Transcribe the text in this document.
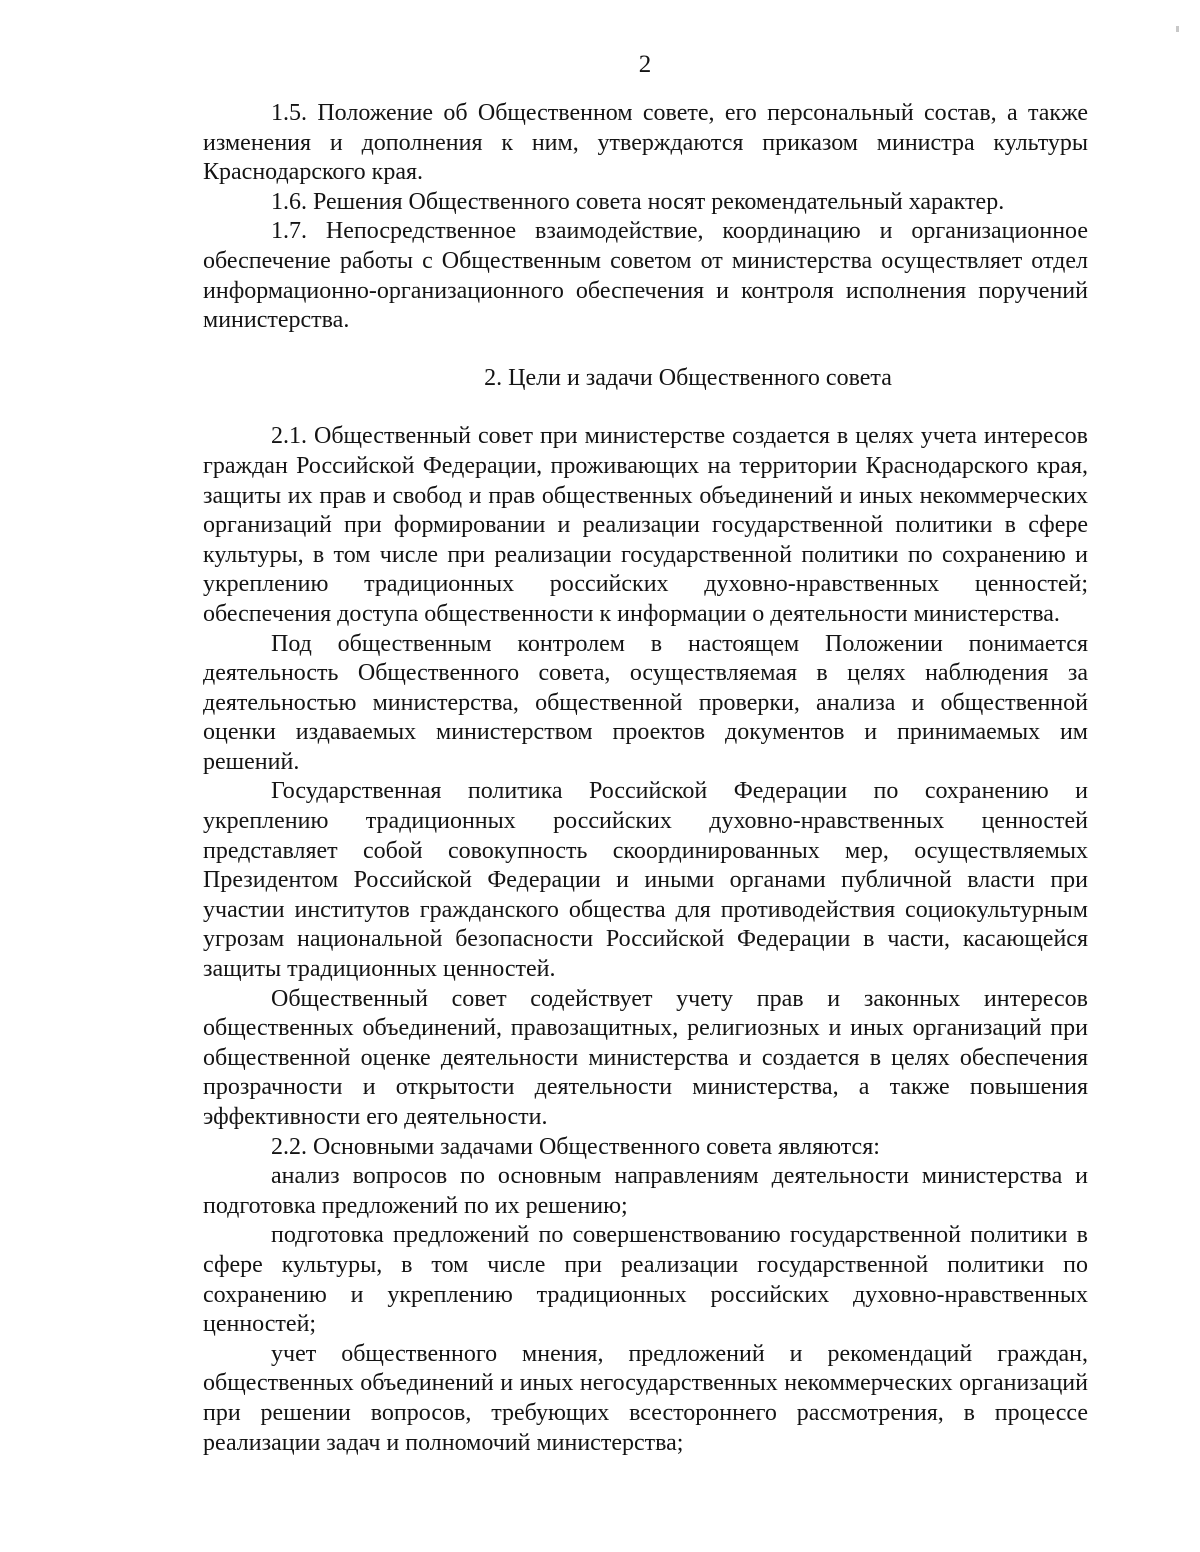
2

1.5. Положение об Общественном совете, его персональный состав, а также изменения и дополнения к ним, утверждаются приказом министра культуры Краснодарского края.

1.6. Решения Общественного совета носят рекомендательный характер.

1.7. Непосредственное взаимодействие, координацию и организационное обеспечение работы с Общественным советом от министерства осуществляет отдел информационно-организационного обеспечения и контроля исполнения поручений министерства.

2. Цели и задачи Общественного совета

2.1. Общественный совет при министерстве создается в целях учета интересов граждан Российской Федерации, проживающих на территории Краснодарского края, защиты их прав и свобод и прав общественных объединений и иных некоммерческих организаций при формировании и реализации государственной политики в сфере культуры, в том числе при реализации государственной политики по сохранению и укреплению традиционных российских духовно-нравственных ценностей; обеспечения доступа общественности к информации о деятельности министерства.

Под общественным контролем в настоящем Положении понимается деятельность Общественного совета, осуществляемая в целях наблюдения за деятельностью министерства, общественной проверки, анализа и общественной оценки издаваемых министерством проектов документов и принимаемых им решений.

Государственная политика Российской Федерации по сохранению и укреплению традиционных российских духовно-нравственных ценностей представляет собой совокупность скоординированных мер, осуществляемых Президентом Российской Федерации и иными органами публичной власти при участии институтов гражданского общества для противодействия социокультурным угрозам национальной безопасности Российской Федерации в части, касающейся защиты традиционных ценностей.

Общественный совет содействует учету прав и законных интересов общественных объединений, правозащитных, религиозных и иных организаций при общественной оценке деятельности министерства и создается в целях обеспечения прозрачности и открытости деятельности министерства, а также повышения эффективности его деятельности.

2.2. Основными задачами Общественного совета являются:

анализ вопросов по основным направлениям деятельности министерства и подготовка предложений по их решению;

подготовка предложений по совершенствованию государственной политики в сфере культуры, в том числе при реализации государственной политики по сохранению и укреплению традиционных российских духовно-нравственных ценностей;

учет общественного мнения, предложений и рекомендаций граждан, общественных объединений и иных негосударственных некоммерческих организаций при решении вопросов, требующих всестороннего рассмотрения, в процессе реализации задач и полномочий министерства;
